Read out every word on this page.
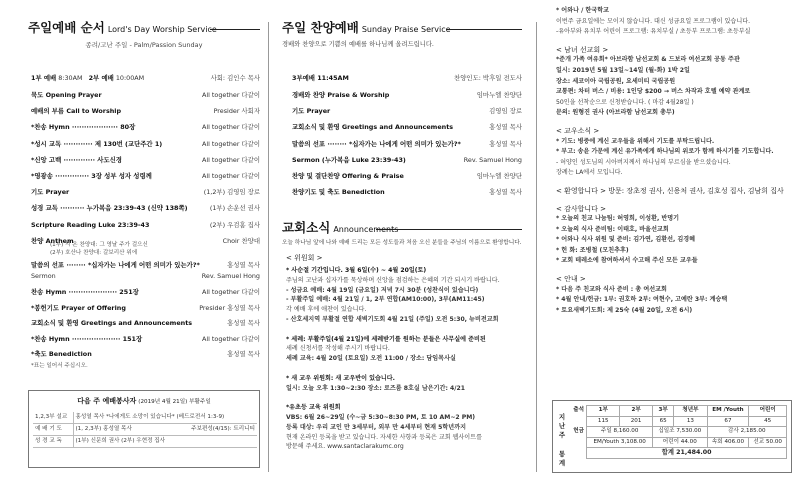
주일예배 순서 Lord's Day Worship Service
종려/고난 주일 - Palm/Passion Sunday
1부 예배 8:30AM 2부 예배 10:00AM	사회: 김인수 목사
묵도 Opening Prayer	All together 다같이
예배의 부름 Call to Worship	Presider 사회자
*찬송 Hymn ··················· 80장	All together 다같이
*성시 교독 ············ 제 130번 (교단주간 1)	All together 다같이
*신앙 고백 ············· 사도신경	All together 다같이
*영광송 ·············· 3장 성부 성자 성령께	All together 다같이
기도 Prayer	(1,2부) 김영임 장로
성경 교독 ·········· 누가복음 23:39-43 (신약 138쪽)	(1부) 손운선 권사
Scripture Reading Luke 23:39-43	(2부) 우검홈 집사
찬양 Anthem	Choir 찬양대
(1부) 시 온 찬양대: 그 영날 주가 걸으신
(2부) 호산나 찬양대: 갈보리산 위에
말씀의 선포 ········ *십자가는 나에게 어떤 의미가 있는가?*	홍성열 목사
Sermon	Rev. Samuel Hong
찬송 Hymn ···················· 251장	All together 다같이
*봉헌기도 Prayer of Offering	Presider 홍성열 목사
교회소식 및 환영 Greetings and Announcements	홍성열 목사
*찬송 Hymn ···················· 151장	All together 다같이
*축도 Benediction	홍성열 목사
*표는 일어서 주십시오.
다음 주 예배봉사자 (2019년 4월 21일) 부활주일
1,2,3부 설교	홍성열 목사 *나에게도 소망이 있습니다* (베드로전서 1:3-9)	
예 배 기 도	(1, 2,3부) 홍성열 목사	주보편성(4/15): 트리니티
성 경 교 독	(1부) 신문희 권사 (2부) 우현정 집사	
주일 찬양예배 Sunday Praise Service
경배와 찬양으로 기쁨의 예배를 하나님께 올려드립니다.
3부예배 11:45AM	찬양인도: 박후일 전도사
경배와 찬양 Praise & Worship	임마누엘 찬양단
기도 Prayer	김영임 장로
교회소식 및 환영 Greetings and Announcements	홍성열 목사
말씀의 선포 ········ *십자가는 나에게 어떤 의미가 있는가?*	홍성열 목사
Sermon (누가복음 Luke 23:39-43)	Rev. Samuel Hong
찬양 및 결단찬양 Offering & Praise	임마누엘 찬양단
찬양기도 및 축도 Benediction	홍성열 목사
교회소식 Announcements
오늘 하나님 앞에 나와 예배 드리는 모든 성도들과 처음 오신 분들을 주님의 이름으로 환영합니다.
< 위원회 >
* 사순절 기간입니다. 3월 6일(수) ~ 4월 20일(토)
주님의 고난과 십자가를 묵상하며 신앙을 점검하는 은혜의 기간 되시기 바랍니다.
- 성금요 예배: 4월 19일 (금요일) 저녁 7시 30분 (성찬식이 있습니다)
- 부활주일 예배: 4월 21일 / 1, 2부 연합(AM10:00), 3부(AM11:45)
각 예배 후에 애찬이 있습니다.
- 산호세지역 부활절 연합 새벽기도회 4월 21일 (주일) 오전 5:30, 뉴비전교회

* 세례: 부활주일(4월 21일)에 세례받기를 원하는 분들은 사무실에 준비된
세례 신청서를 작성해 주시기 바랍니다.
세례 교육: 4월 20일 (토요일) 오전 11:00 / 장소: 담임목사실

* 새 교우 위원회: 새 교우반이 있습니다.
일시: 오늘 오후 1:30~2:30 장소: 로즈룸 8호실 남은기간: 4/21

*유초등 교육 위원회
VBS: 6월 26~29일 (수~금 5:30~8:30 PM, 토 10 AM~2 PM)
등록 대상: 우리 교인 만 3세부터, 외부 만 4세부터 현재 5학년까지
현재 온라인 등록을 받고 있습니다. 자세한 사항과 등록은 교회 웹사이트를
방문해 주세요. www.santaclarakumc.org
* 어와나 / 한국학교
이번주 금요일에는 모이지 않습니다. 대신 성금요일 프로그램이 있습니다.
-유아부와 유치부 어린이 프로그램: 유치부실 / 초등부 프로그램: 초등부실

< 남녀 선교회 >
*준개 가족 여유회* 아브라함 남선교회 & 드보라 여선교회 공동 주관
일시: 2019년 5월 13일~14일 (월-화) 1박 2일
장소: 세코이아 국립공원, 요세미티 국립공원
교통편: 차터 버스 / 비용: 1인당 $200 → 버스 차작과 호텔 예약 관계로
50인을 선착순으로 신청받습니다. ( 마감 4월28일 )
문의: 원형진 권사 (아브라함 남선교회 총무)

< 교우소식 >
* 기도: 병중에 계신 교우들을 위해서 기도를 부탁드립니다.
* 부고: 송윤 가문에 계신 유가족에게 하나님의 위로가 함께 하시기를 기도합니다.
- 허양인 성도님의 시아버지께서 하나님의 부르심을 받으셨습니다.
장례는 LA에서 모입니다.

< 환영합니다 > 방문: 장초정 권사, 신용처 권사, 김호성 집사, 김남희 집사

< 감사합니다 >
* 오늘의 친교 나눔팀: 허영희, 이성환, 반명기
* 오늘의 식사 준비팀: 이태호, 바울선교회
* 어와나 식사 위원 및 준비: 김가연, 김환선, 김경혜
* 헌 화: 조병철 (모친추후)
* 교회 테레소에 참여하셔서 수고해 주신 모든 교우들

< 안내 >
* 다음 주 친교와 식사 준비 : 총 여선교회
* 4월 안내/헌금: 1부: 권호하 2부: 여현수, 고예란 3부: 계승택
* 토요새벽기도회: 제 25숙 (4월 20일, 오전 6시)
지난주
통계
출석	1부	2부	3부	청년부	EM /Youth	어린이
	115	201	65	13	67	45
헌금	주일 8,160.00		십일조 7,530.00		감사 2,185.00	
	EM/Youth 3,108.00		어린이 44.00		속회 406.00	선교 50.00
	합계 21,484.00					
